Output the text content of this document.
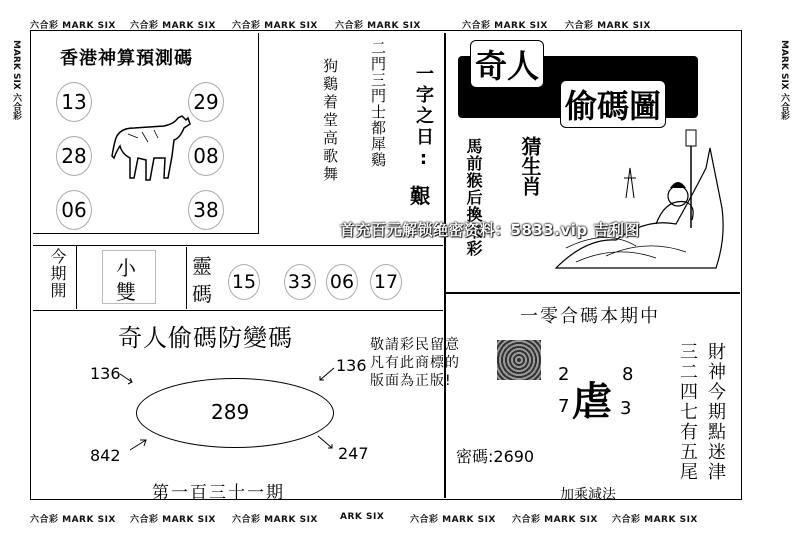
六合彩 MARK SIX 六合彩 MARK SIX 六合彩 MARK SIX 六合彩 MARK SIX	六合彩 MARK SIX 六合彩 MARK SIX
六合彩 MARK SIX 六合彩 MARK SIX 六合彩 MARK SIX ARK SIX	六合彩 MARK SIX 六合彩 MARK SIX 六合彩 MARK SIX
MARK SIX 六合彩	MARK SIX 六合彩
香港神算預測碼
13	29
28	08
06	38
狗鷄着堂高歌舞 二門三門士都犀鷄 一字之日:
艱
奇人
偷碼圖
猜生肖
馬前猴后換來彩
首充百元解锁绝密资料：5833.vip 吉利图
今期開 小
雙
靈
碼 15 33 06 17
奇人偷碼防變碼
289
136	136
842	247
敬請彩民留意
凡有此商標的
版面為正版!
第一百三十一期
一零合碼本期中
2	8
7	3
虐
密碼:2690
加乘減法
三二四七有五尾 財神今期點迷津
